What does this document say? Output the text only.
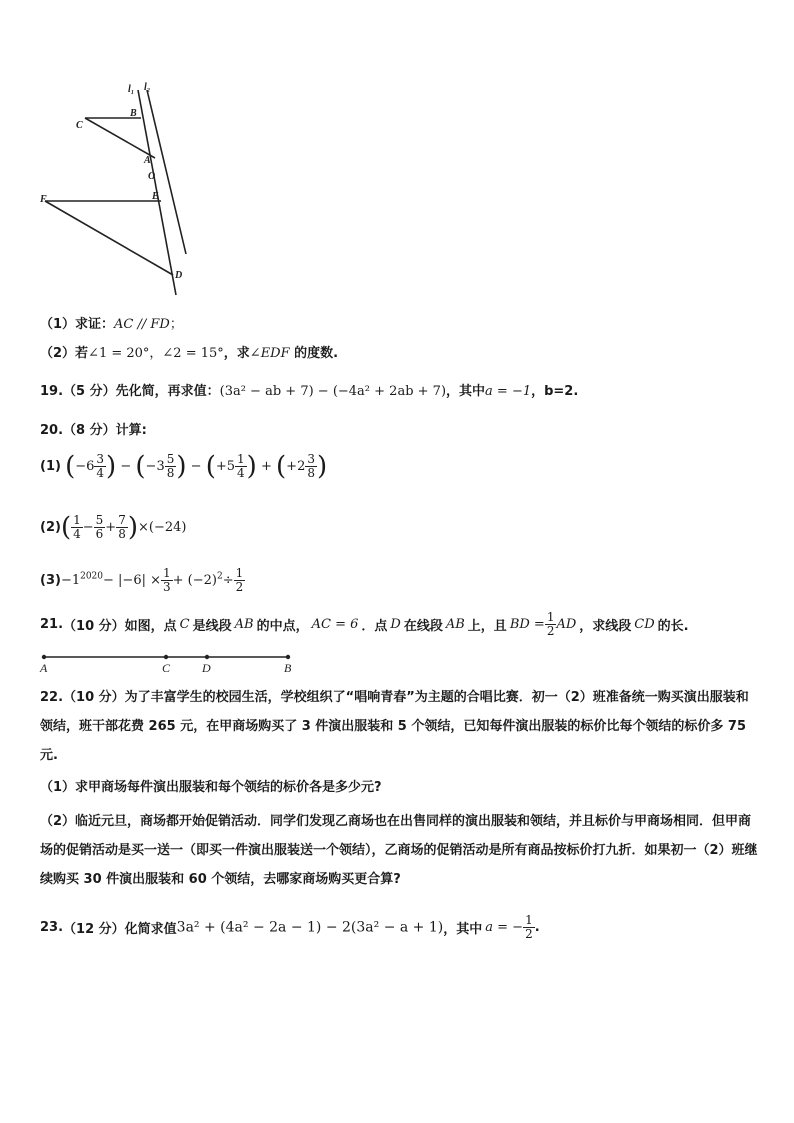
l₁ l₂
B
C
A
O
F	E
D
（1）求证：AC // FD；
（2）若∠1 = 20°，∠2 = 15°，求∠EDF 的度数.
19.（5 分）先化简，再求值：(3a² − ab + 7) − (−4a² + 2ab + 7)，其中a = −1，b=2.
20.（8 分）计算:
(1) ($-6 \frac{3}{4}$ ) − ($-3 \frac{5}{8}$ ) − ($+5 \frac{1}{4}$ ) + ($+2 \frac{3}{8}$ )
$(2)( \frac{1}{4} - \frac{5}{6} + \frac{7}{8} )\times(-24)$
$(3)-1^{2020}- |-6| \times \frac{1}{3} + (-2)^2\div \frac{1}{2}$
21.（10 分）如图，点 C 是线段 AB 的中点， AC = 6 ．点 D 在线段 AB 上，且 BD = $\frac{1}{2}$ AD ，求线段 CD 的长.
A	C	D	B
22.（10 分）为了丰富学生的校园生活，学校组织了“唱响青春”为主题的合唱比赛．初一（2）班准备统一购买演出服装和领结，班干部花费 265 元，在甲商场购买了 3 件演出服装和 5 个领结，已知每件演出服装的标价比每个领结的标价多 75 元.
（1）求甲商场每件演出服装和每个领结的标价各是多少元?
（2）临近元旦，商场都开始促销活动．同学们发现乙商场也在出售同样的演出服装和领结，并且标价与甲商场相同．但甲商场的促销活动是买一送一（即买一件演出服装送一个领结），乙商场的促销活动是所有商品按标价打九折．如果初一（2）班继续购买 30 件演出服装和 60 个领结，去哪家商场购买更合算?
23.（12 分）化简求值3a² + (4a² − 2a − 1) − 2(3a² − a + 1)，其中 a = − $\frac{1}{2}$ .
